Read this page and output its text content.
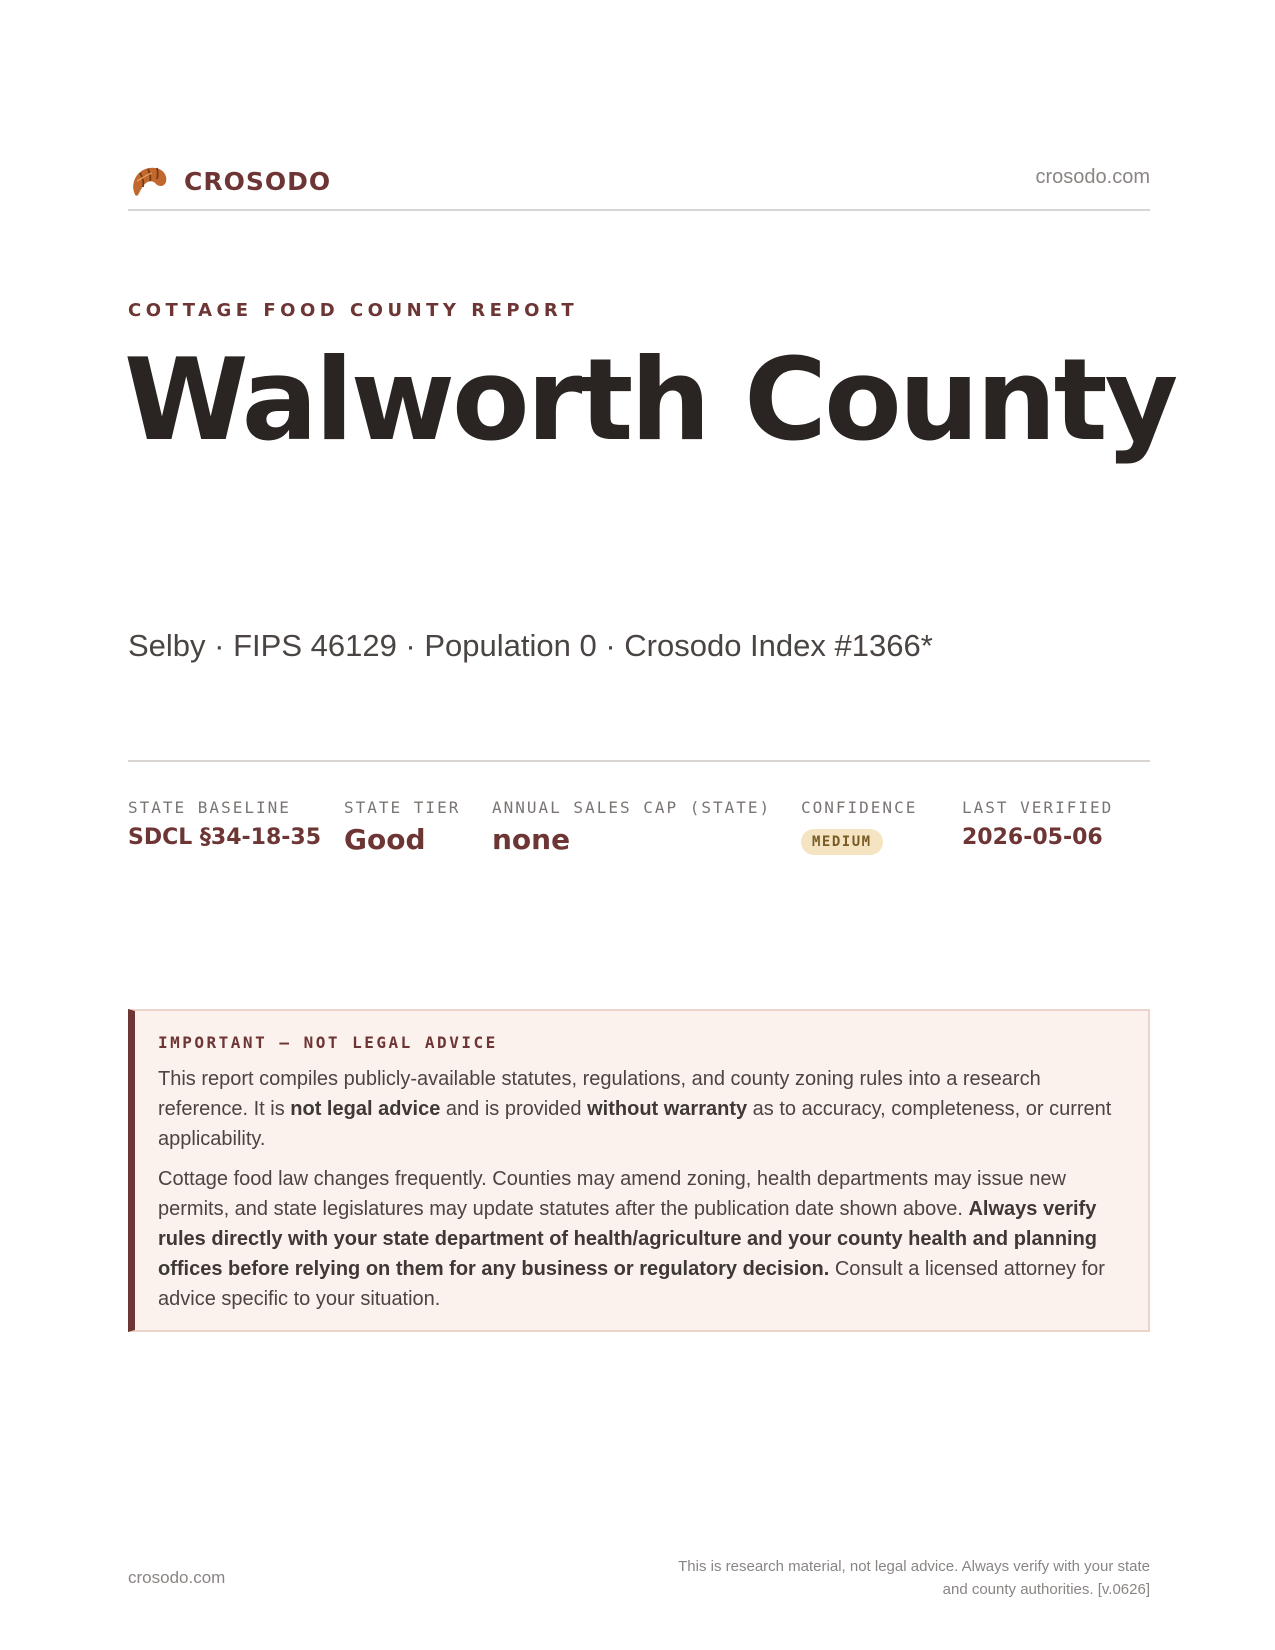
CROSODO	crosodo.com
COTTAGE FOOD COUNTY REPORT
Walworth County
Selby · FIPS 46129 · Population 0 · Crosodo Index #1366*
STATE BASELINE
SDCL §34-18-35
STATE TIER
Good
ANNUAL SALES CAP (STATE)
none
CONFIDENCE
MEDIUM
LAST VERIFIED
2026-05-06
IMPORTANT — NOT LEGAL ADVICE

This report compiles publicly-available statutes, regulations, and county zoning rules into a research reference. It is not legal advice and is provided without warranty as to accuracy, completeness, or current applicability.

Cottage food law changes frequently. Counties may amend zoning, health departments may issue new permits, and state legislatures may update statutes after the publication date shown above. Always verify rules directly with your state department of health/agriculture and your county health and planning offices before relying on them for any business or regulatory decision. Consult a licensed attorney for advice specific to your situation.

crosodo.com
This is research material, not legal advice. Always verify with your state
and county authorities. [v.0626]
